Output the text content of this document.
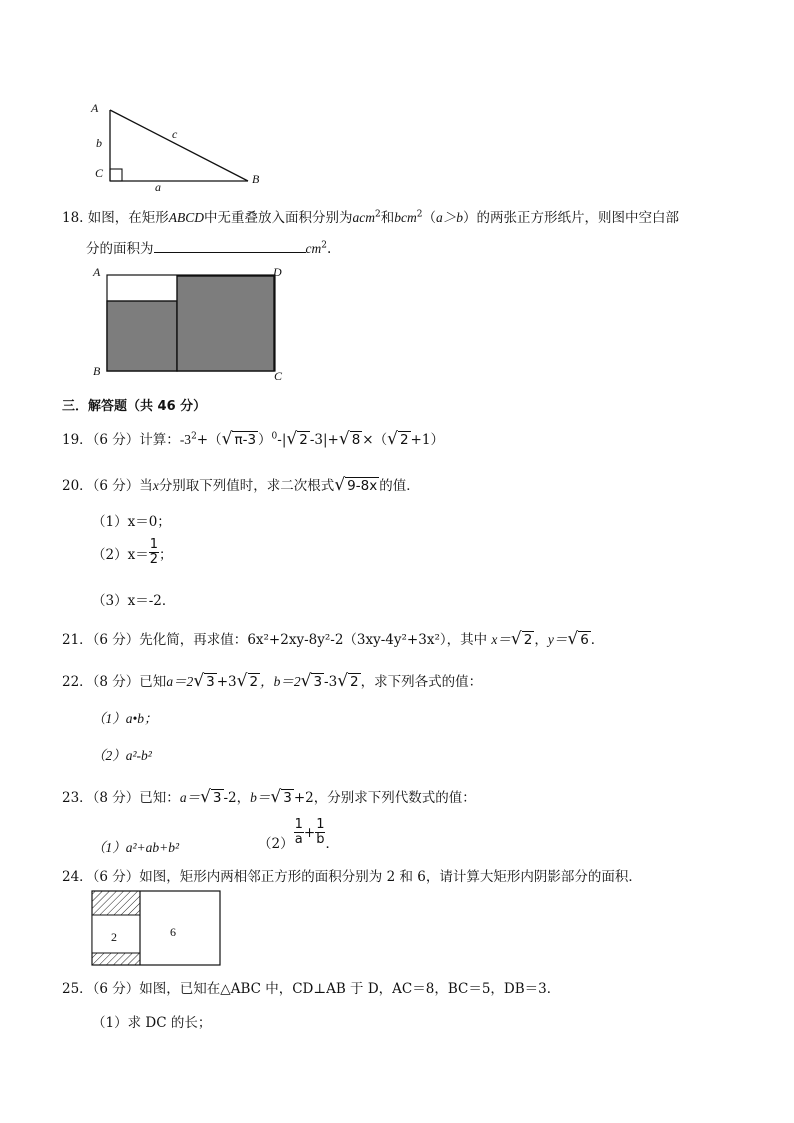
A
b
c
C
a
B
18. 如图，在矩形ABCD中无重叠放入面积分别为acm$^2$和bcm$^2$（a＞b）的两张正方形纸片，则图中空白部
分的面积为	$cm^2$.
A	D
B	C
三．解答题（共 46 分）
19．（6 分）计算：$-3^2+$（ √ π-3 ）$^0$-| √ 2 -3|+ √ 8 ×（ √ 2 +1）
20．（6 分）当x分别取下列值时，求二次根式 √ 9-8x 的值．
（1）x＝0；
$(2)x= \frac{1}{2}$ ；
（3）x＝-2．
21．（6 分）先化简，再求值：6x²+2xy-8y²-2（3xy-4y²+3x²），其中 x＝ √ 2 ，y＝ √ 6 ．
22．（8 分）已知a＝2 √ 3 +3 √ 2 ，b＝2 √ 3 -3 √ 2 ，求下列各式的值：
（1）a•b；
（2）a²-b²
23．（8 分）已知：a＝ √ 3 -2，b＝ √ 3 +2，分别求下列代数式的值：
（1）a²+ab+b²	$(2) \frac{1}{a} + \frac{1}{b}$ ．
24．（6 分）如图，矩形内两相邻正方形的面积分别为 2 和 6，请计算大矩形内阴影部分的面积．
2	6
25．（6 分）如图，已知在△ABC 中，CD⊥AB 于 D，AC＝8，BC＝5，DB＝3．
（1）求 DC 的长；
